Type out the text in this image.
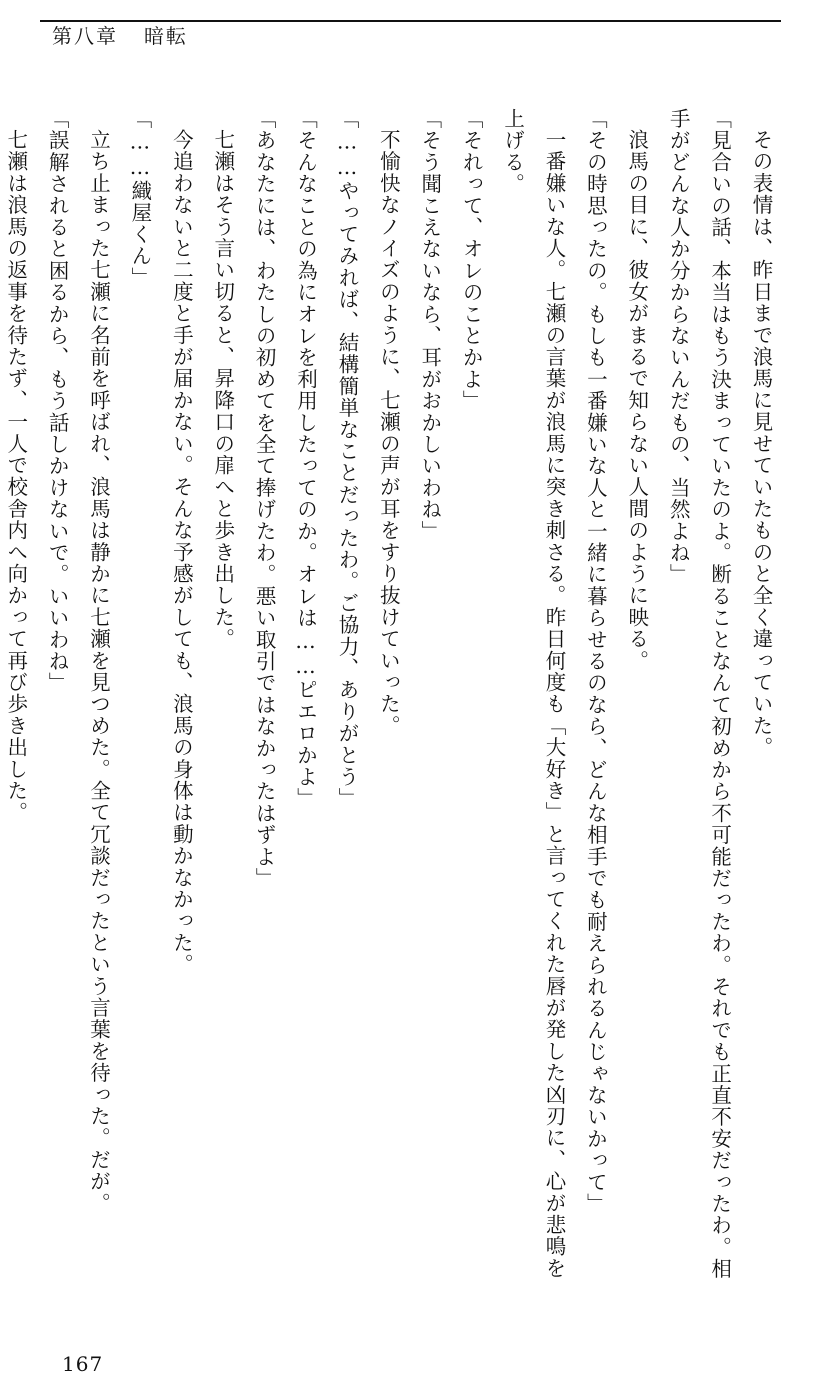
第八章 暗転

その表情は、昨日まで浪馬に見せていたものと全く違っていた。

「見合いの話、本当はもう決まっていたのよ。断ることなんて初めから不可能だったわ。それでも正直不安だったわ。相手がどんな人か分からないんだもの、当然よね」

浪馬の目に、彼女がまるで知らない人間のように映る。

「その時思ったの。もしも一番嫌いな人と一緒に暮らせるのなら、どんな相手でも耐えられるんじゃないかって」

一番嫌いな人。七瀬の言葉が浪馬に突き刺さる。昨日何度も「大好き」と言ってくれた唇が発した凶刃に、心が悲鳴を上げる。

「それって、オレのことかよ」

「そう聞こえないなら、耳がおかしいわね」

不愉快なノイズのように、七瀬の声が耳をすり抜けていった。

「……やってみれば、結構簡単なことだったわ。ご協力、ありがとう」

「そんなことの為にオレを利用したってのか。オレは……ピエロかよ」

「あなたには、わたしの初めてを全て捧げたわ。悪い取引ではなかったはずよ」

七瀬はそう言い切ると、昇降口の扉へと歩き出した。

今追わないと二度と手が届かない。そんな予感がしても、浪馬の身体は動かなかった。

「……織屋くん」

立ち止まった七瀬に名前を呼ばれ、浪馬は静かに七瀬を見つめた。全て冗談だったという言葉を待った。だが。

「誤解されると困るから、もう話しかけないで。いいわね」

七瀬は浪馬の返事を待たず、一人で校舎内へ向かって再び歩き出した。

167
